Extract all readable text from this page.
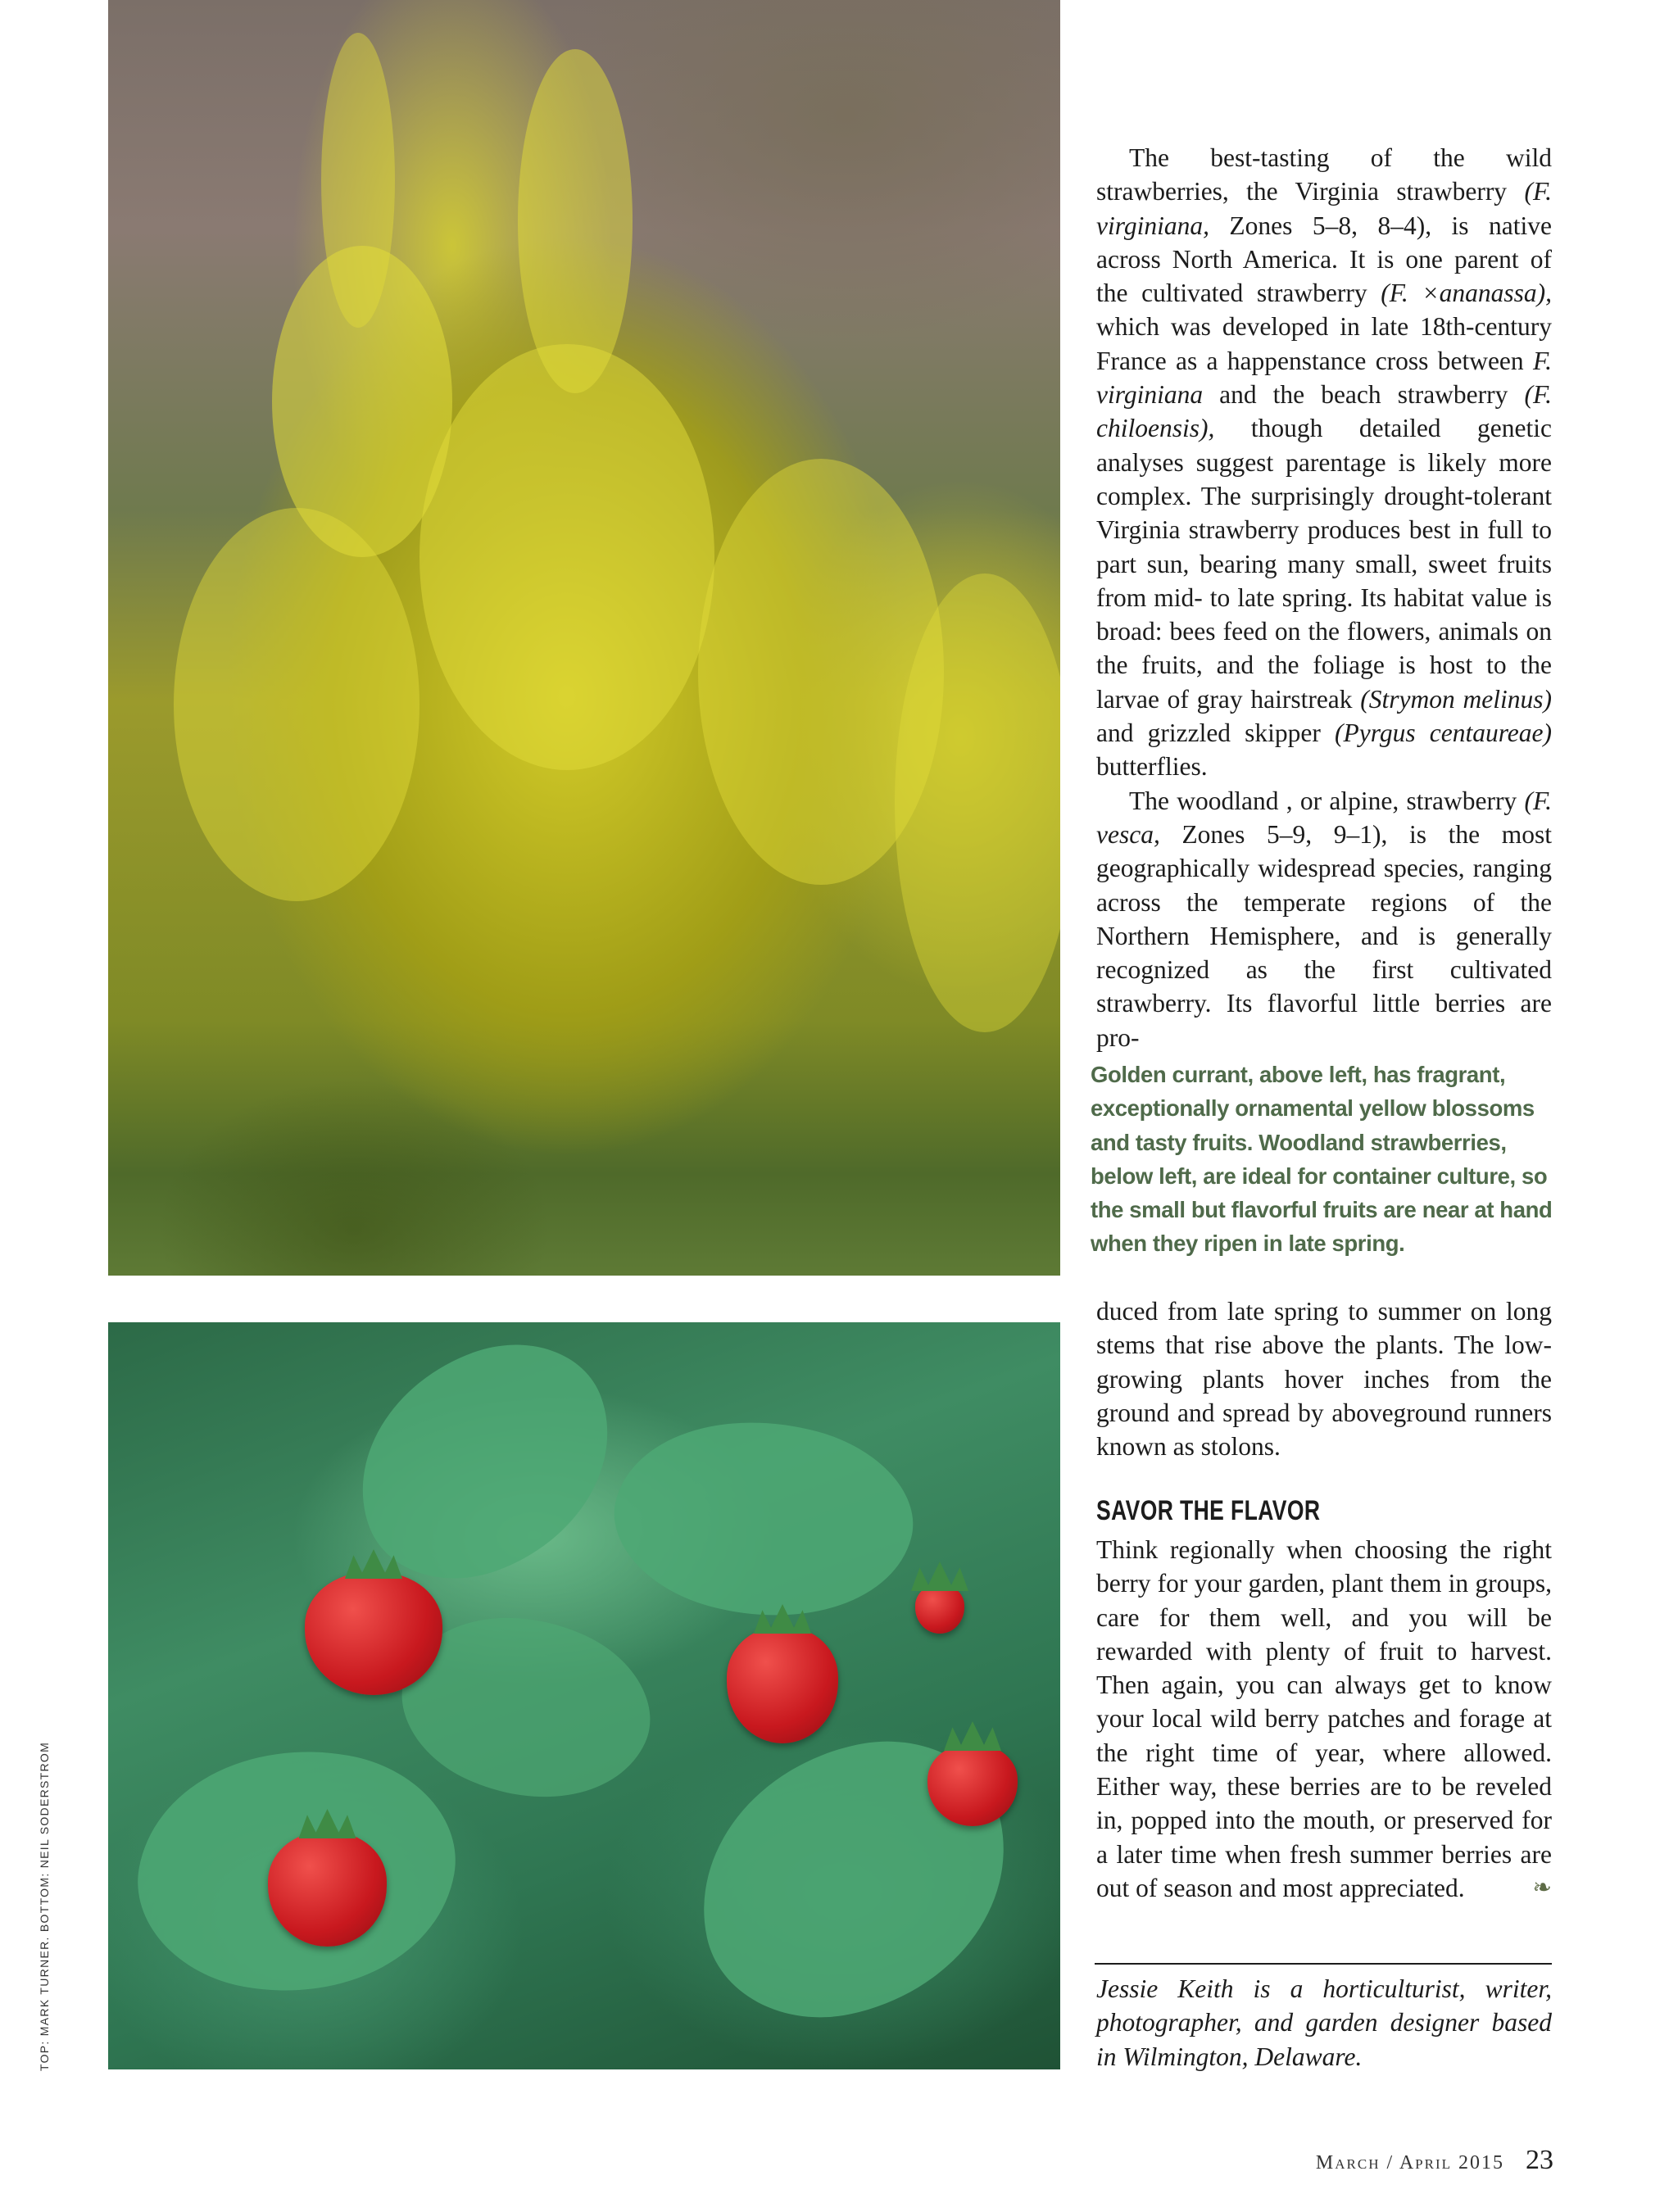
The best-tasting of the wild strawberries, the Virginia strawberry (F. virginiana, Zones 5–8, 8–4), is native across North America. It is one parent of the cultivated strawberry (F. ×ananassa), which was developed in late 18th-century France as a happenstance cross between F. virginiana and the beach strawberry (F. chiloensis), though detailed genetic analyses suggest parentage is likely more complex. The surprisingly drought-tolerant Virginia strawberry produces best in full to part sun, bearing many small, sweet fruits from mid- to late spring. Its habitat value is broad: bees feed on the flowers, animals on the fruits, and the foliage is host to the larvae of gray hairstreak (Strymon melinus) and grizzled skipper (Pyrgus centaureae) butterflies.

The woodland , or alpine, strawberry (F. vesca, Zones 5–9, 9–1), is the most geographically widespread species, ranging across the temperate regions of the Northern Hemisphere, and is generally recognized as the first cultivated strawberry. Its flavorful little berries are pro-

Golden currant, above left, has fragrant, exceptionally ornamental yellow blossoms and tasty fruits. Woodland strawberries, below left, are ideal for container culture, so the small but flavorful fruits are near at hand when they ripen in late spring.

duced from late spring to summer on long stems that rise above the plants. The low-growing plants hover inches from the ground and spread by aboveground runners known as stolons.

SAVOR THE FLAVOR

Think regionally when choosing the right berry for your garden, plant them in groups, care for them well, and you will be rewarded with plenty of fruit to harvest. Then again, you can always get to know your local wild berry patches and forage at the right time of year, where allowed. Either way, these berries are to be reveled in, popped into the mouth, or preserved for a later time when fresh summer berries are out of season and most appreciated.	❧

Jessie Keith is a horticulturist, writer, photographer, and garden designer based in Wilmington, Delaware.
TOP: MARK TURNER. BOTTOM: NEIL SODERSTROM
March / April 2015 23
